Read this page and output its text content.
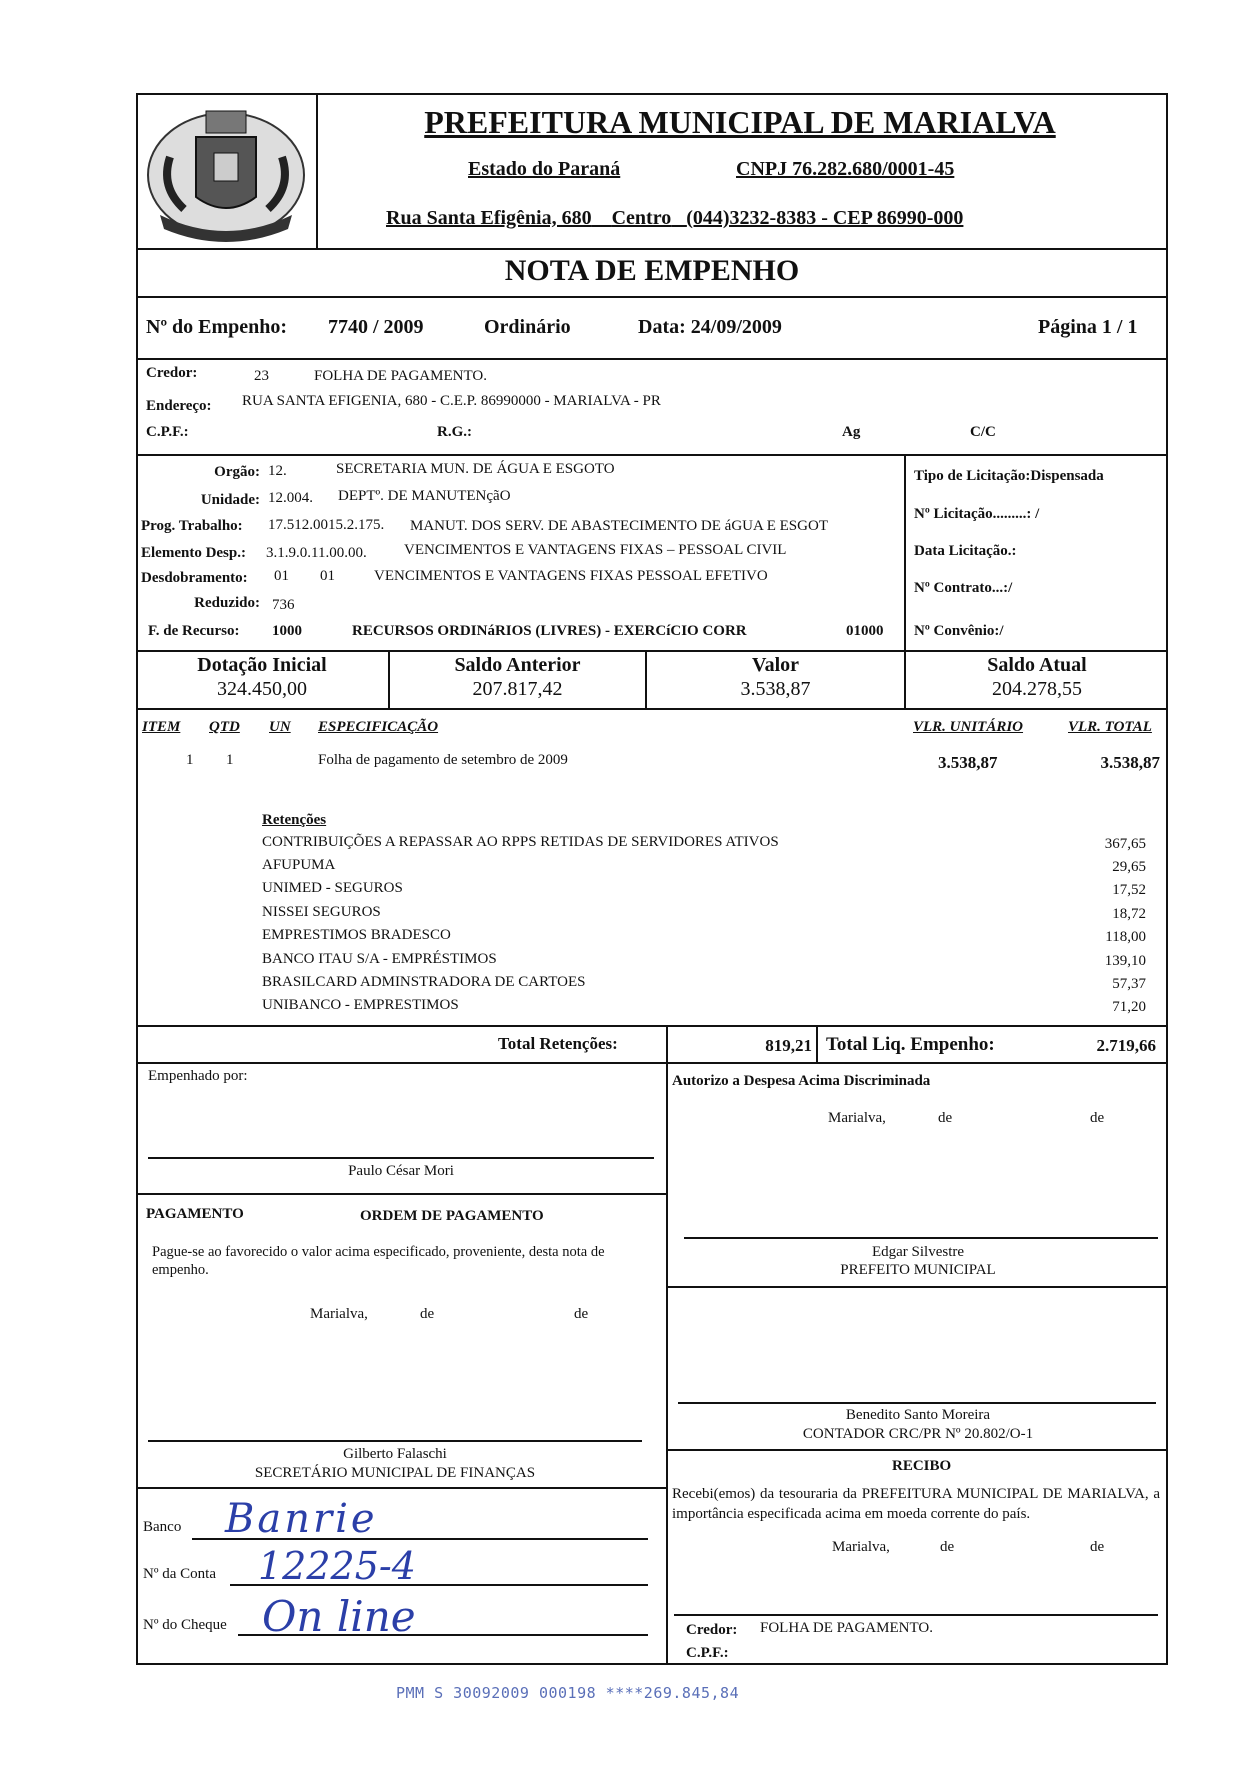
PREFEITURA MUNICIPAL DE MARIALVA
Estado do Paraná	CNPJ 76.282.680/0001-45
Rua Santa Efigênia, 680 Centro (044)3232-8383 - CEP 86990-000
NOTA DE EMPENHO
Nº do Empenho: 7740 / 2009	Ordinário	Data: 24/09/2009	Página 1 / 1
Credor:	23	FOLHA DE PAGAMENTO.
Endereço: RUA SANTA EFIGENIA, 680 - C.E.P. 86990000 - MARIALVA - PR
C.P.F.:	R.G.:	Ag	C/C
Orgão: 12.	SECRETARIA MUN. DE ÁGUA E ESGOTO
Unidade: 12.004. DEPTº. DE MANUTENçãO
Prog. Trabalho: 17.512.0015.2.175. MANUT. DOS SERV. DE ABASTECIMENTO DE áGUA E ESGOT
Elemento Desp.: 3.1.9.0.11.00.00. VENCIMENTOS E VANTAGENS FIXAS – PESSOAL CIVIL
Desdobramento: 01 01	VENCIMENTOS E VANTAGENS FIXAS PESSOAL EFETIVO
Reduzido: 736
F. de Recurso: 1000	RECURSOS ORDINáRIOS (LIVRES) - EXERCíCIO CORR	01000
Tipo de Licitação:Dispensada
Nº Licitação.........: /
Data Licitação.:
Nº Contrato...:/
Nº Convênio:/
Dotação Inicial
324.450,00
Saldo Anterior
207.817,42
Valor
3.538,87
Saldo Atual
204.278,55
ITEM QTD UN ESPECIFICAÇÃO	VLR. UNITÁRIO	VLR. TOTAL
1 1	Folha de pagamento de setembro de 2009	3.538,87	3.538,87
Retenções
CONTRIBUIÇÕES A REPASSAR AO RPPS RETIDAS DE SERVIDORES ATIVOS	367,65
AFUPUMA	29,65
UNIMED - SEGUROS	17,52
NISSEI SEGUROS	18,72
EMPRESTIMOS BRADESCO	118,00
BANCO ITAU S/A - EMPRÉSTIMOS	139,10
BRASILCARD ADMINSTRADORA DE CARTOES	57,37
UNIBANCO - EMPRESTIMOS	71,20
Total Retenções:	819,21 Total Liq. Empenho:	2.719,66
Empenhado por:
Paulo César Mori
PAGAMENTO	ORDEM DE PAGAMENTO
Pague-se ao favorecido o valor acima especificado, proveniente, desta nota de empenho.
Marialva,	de	de
Gilberto Falaschi
SECRETÁRIO MUNICIPAL DE FINANÇAS
Banco Banrie
Nº da Conta 12225-4
Nº do Cheque On line
Autorizo a Despesa Acima Discriminada
Marialva,	de	de
Edgar Silvestre
PREFEITO MUNICIPAL
Benedito Santo Moreira
CONTADOR CRC/PR Nº 20.802/O-1
RECIBO
Recebi(emos) da tesouraria da PREFEITURA MUNICIPAL DE MARIALVA, a importância especificada acima em moeda corrente do país.
Marialva,	de	de
Credor: FOLHA DE PAGAMENTO.
C.P.F.:
PMM S 30092009 000198 ****269.845,84
